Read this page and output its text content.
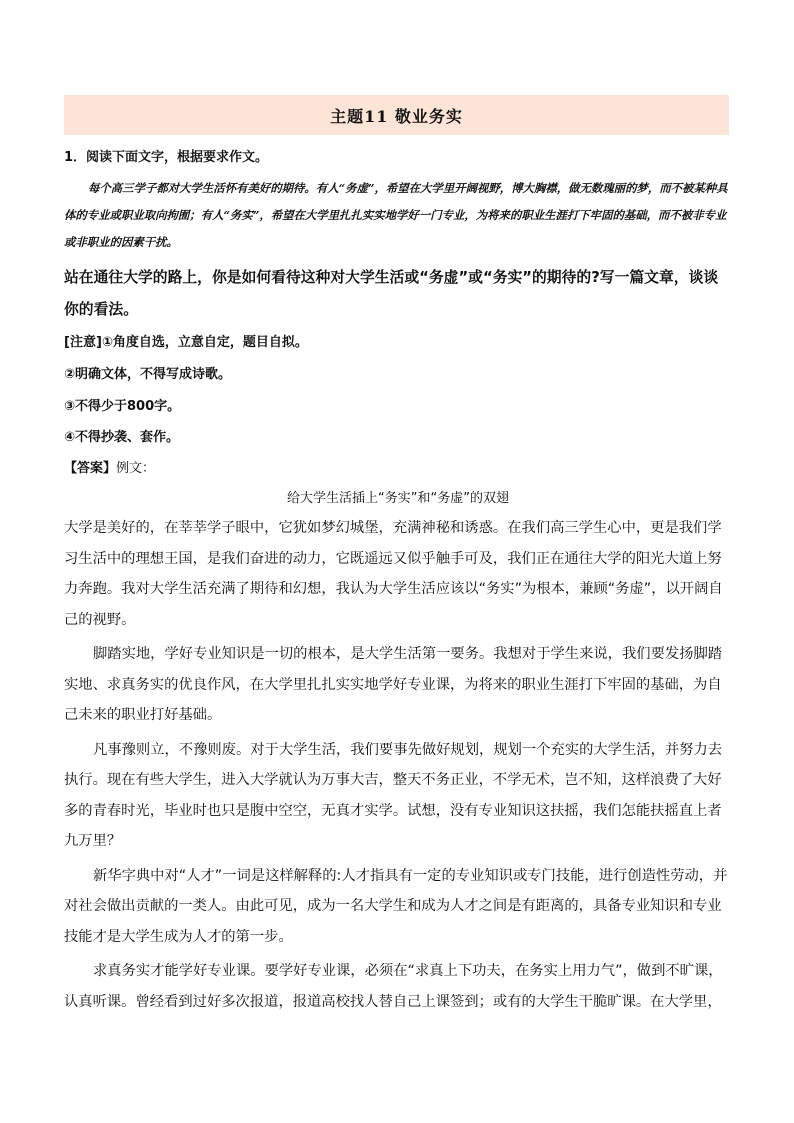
主题11 敬业务实

1．阅读下面文字，根据要求作文。

每个高三学子都对大学生活怀有美好的期待。有人“务虚”，希望在大学里开阔视野，博大胸襟，做无数瑰丽的梦，而不被某种具体的专业或职业取向拘囿；有人“务实”，希望在大学里扎扎实实地学好一门专业，为将来的职业生涯打下牢固的基础，而不被非专业或非职业的因素干扰。

站在通往大学的路上，你是如何看待这种对大学生活或“务虚”或“务实”的期待的?写一篇文章，谈谈你的看法。

[注意]①角度自选，立意自定，题目自拟。
②明确文体，不得写成诗歌。
③不得少于800字。
④不得抄袭、套作。
【答案】例文：
给大学生活插上“务实”和“务虚”的双翅

大学是美好的，在莘莘学子眼中，它犹如梦幻城堡，充满神秘和诱惑。在我们高三学生心中，更是我们学习生活中的理想王国，是我们奋进的动力，它既遥远又似乎触手可及，我们正在通往大学的阳光大道上努力奔跑。我对大学生活充满了期待和幻想，我认为大学生活应该以“务实”为根本，兼顾“务虚”，以开阔自己的视野。

脚踏实地，学好专业知识是一切的根本，是大学生活第一要务。我想对于学生来说，我们要发扬脚踏实地、求真务实的优良作风，在大学里扎扎实实地学好专业课，为将来的职业生涯打下牢固的基础，为自己未来的职业打好基础。

凡事豫则立，不豫则废。对于大学生活，我们要事先做好规划，规划一个充实的大学生活，并努力去执行。现在有些大学生，进入大学就认为万事大吉，整天不务正业，不学无术，岂不知，这样浪费了大好多的青春时光，毕业时也只是腹中空空，无真才实学。试想，没有专业知识这扶摇，我们怎能扶摇直上者九万里？

新华字典中对“人才”一词是这样解释的:人才指具有一定的专业知识或专门技能，进行创造性劳动，并对社会做出贡献的一类人。由此可见，成为一名大学生和成为人才之间是有距离的，具备专业知识和专业技能才是大学生成为人才的第一步。

求真务实才能学好专业课。要学好专业课，必须在“求真上下功夫，在务实上用力气”，做到不旷课，认真听课。曾经看到过好多次报道，报道高校找人替自己上课签到；或有的大学生干脆旷课。在大学里，
